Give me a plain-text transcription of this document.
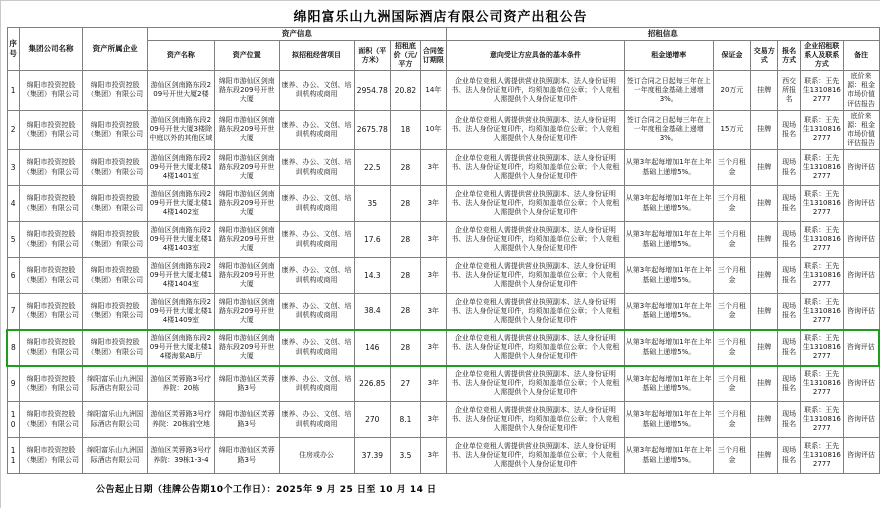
绵阳富乐山九洲国际酒店有限公司资产出租公告
序号	集团公司名称	资产所属企业	资产信息						招租信息						
			资产名称	资产位置	拟招租经营项目	面积（平方米）	招租底价（元/平方	合同签订期限	意向受让方应具备的基本条件	租金递增率	保证金	交易方式	报名方式	企业招租联系人及联系方式	备注
1	绵阳市投资控股（集团）有限公司	绵阳市投资控股（集团）有限公司	游仙区剑南路东段209号开世大厦2楼	绵阳市游仙区剑南路东段209号开世大厦	康养、办公、文创、培训机构或商用	2954.78	20.82	14年	企业单位竞租人需提供营业执照副本、法人身份证明书、法人身份证复印件，均须加盖单位公章；个人竞租人需提供个人身份证复印件	签订合同之日起每三年在上一年度租金基础上递增3%。	20万元	挂牌	西交所报名	联系：王先生13108162777	底价来源：租金市场价值评估报告
2	绵阳市投资控股（集团）有限公司	绵阳市投资控股（集团）有限公司	游仙区剑南路东段209号开世大厦3楼除中庭以外的其他区域	绵阳市游仙区剑南路东段209号开世大厦	康养、办公、文创、培训机构或商用	2675.78	18	10年	企业单位竞租人需提供营业执照副本、法人身份证明书、法人身份证复印件，均须加盖单位公章；个人竞租人需提供个人身份证复印件	签订合同之日起每三年在上一年度租金基础上递增3%。	15万元	挂牌	现场报名	联系：王先生13108162777	底价来源：租金市场价值评估报告
3	绵阳市投资控股（集团）有限公司	绵阳市投资控股（集团）有限公司	游仙区剑南路东段209号开世大厦北楼14楼1401室	绵阳市游仙区剑南路东段209号开世大厦	康养、办公、文创、培训机构或商用	22.5	28	3年	企业单位竞租人需提供营业执照副本、法人身份证明书、法人身份证复印件，均须加盖单位公章；个人竞租人需提供个人身份证复印件	从第3年起每增加1年在上年基础上递增5%。	三个月租金	挂牌	现场报名	联系：王先生13108162777	咨询评估
4	绵阳市投资控股（集团）有限公司	绵阳市投资控股（集团）有限公司	游仙区剑南路东段209号开世大厦北楼14楼1402室	绵阳市游仙区剑南路东段209号开世大厦	康养、办公、文创、培训机构或商用	35	28	3年	企业单位竞租人需提供营业执照副本、法人身份证明书、法人身份证复印件，均须加盖单位公章；个人竞租人需提供个人身份证复印件	从第3年起每增加1年在上年基础上递增5%。	三个月租金	挂牌	现场报名	联系：王先生13108162777	咨询评估
5	绵阳市投资控股（集团）有限公司	绵阳市投资控股（集团）有限公司	游仙区剑南路东段209号开世大厦北楼14楼1403室	绵阳市游仙区剑南路东段209号开世大厦	康养、办公、文创、培训机构或商用	17.6	28	3年	企业单位竞租人需提供营业执照副本、法人身份证明书、法人身份证复印件，均须加盖单位公章；个人竞租人需提供个人身份证复印件	从第3年起每增加1年在上年基础上递增5%。	三个月租金	挂牌	现场报名	联系：王先生13108162777	咨询评估
6	绵阳市投资控股（集团）有限公司	绵阳市投资控股（集团）有限公司	游仙区剑南路东段209号开世大厦北楼14楼1404室	绵阳市游仙区剑南路东段209号开世大厦	康养、办公、文创、培训机构或商用	14.3	28	3年	企业单位竞租人需提供营业执照副本、法人身份证明书、法人身份证复印件，均须加盖单位公章；个人竞租人需提供个人身份证复印件	从第3年起每增加1年在上年基础上递增5%。	三个月租金	挂牌	现场报名	联系：王先生13108162777	咨询评估
7	绵阳市投资控股（集团）有限公司	绵阳市投资控股（集团）有限公司	游仙区剑南路东段209号开世大厦北楼14楼1409室	绵阳市游仙区剑南路东段209号开世大厦	康养、办公、文创、培训机构或商用	38.4	28	3年	企业单位竞租人需提供营业执照副本、法人身份证明书、法人身份证复印件，均须加盖单位公章；个人竞租人需提供个人身份证复印件	从第3年起每增加1年在上年基础上递增5%。	三个月租金	挂牌	现场报名	联系：王先生13108162777	咨询评估
8	绵阳市投资控股（集团）有限公司	绵阳市投资控股（集团）有限公司	游仙区剑南路东段209号开世大厦北楼14楼海棠AB厅	绵阳市游仙区剑南路东段209号开世大厦	康养、办公、文创、培训机构或商用	146	28	3年	企业单位竞租人需提供营业执照副本、法人身份证明书、法人身份证复印件，均须加盖单位公章；个人竞租人需提供个人身份证复印件	从第3年起每增加1年在上年基础上递增5%。	三个月租金	挂牌	现场报名	联系：王先生13108162777	咨询评估
9	绵阳市投资控股（集团）有限公司	绵阳富乐山九洲国际酒店有限公司	游仙区芙蓉路3号疗养院：20栋	绵阳市游仙区芙蓉路3号	康养、办公、文创、培训机构或商用	226.85	27	3年	企业单位竞租人需提供营业执照副本、法人身份证明书、法人身份证复印件，均须加盖单位公章；个人竞租人需提供个人身份证复印件	从第3年起每增加1年在上年基础上递增5%。	三个月租金	挂牌	现场报名	联系：王先生13108162777	咨询评估
10	绵阳市投资控股（集团）有限公司	绵阳富乐山九洲国际酒店有限公司	游仙区芙蓉路3号疗养院：20栋前空地	绵阳市游仙区芙蓉路3号	康养、办公、文创、培训机构或商用	270	8.1	3年	企业单位竞租人需提供营业执照副本、法人身份证明书、法人身份证复印件，均须加盖单位公章；个人竞租人需提供个人身份证复印件	从第3年起每增加1年在上年基础上递增5%。	三个月租金	挂牌	现场报名	联系：王先生13108162777	咨询评估
11	绵阳市投资控股（集团）有限公司	绵阳富乐山九洲国际酒店有限公司	游仙区芙蓉路3号疗养院：39栋1-3-4	绵阳市游仙区芙蓉路3号	住房或办公	37.39	3.5	3年	企业单位竞租人需提供营业执照副本、法人身份证明书、法人身份证复印件，均须加盖单位公章；个人竞租人需提供个人身份证复印件	从第3年起每增加1年在上年基础上递增5%。	三个月租金	挂牌	现场报名	联系：王先生13108162777	咨询评估
公告起止日期（挂牌公告期10个工作日）：2025年 9 月 25 日至 10 月 14 日
